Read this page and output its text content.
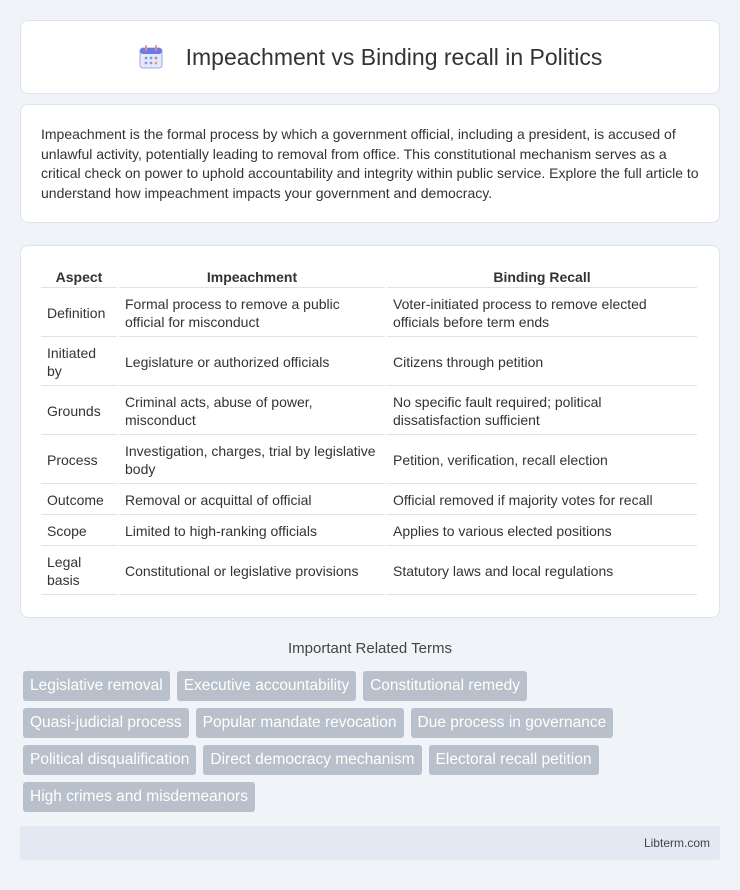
Impeachment vs Binding recall in Politics

Impeachment is the formal process by which a government official, including a president, is accused of unlawful activity, potentially leading to removal from office. This constitutional mechanism serves as a critical check on power to uphold accountability and integrity within public service. Explore the full article to understand how impeachment impacts your government and democracy.

Aspect	Impeachment	Binding Recall
Definition	Formal process to remove a public official for misconduct	Voter-initiated process to remove elected officials before term ends
Initiated by	Legislature or authorized officials	Citizens through petition
Grounds	Criminal acts, abuse of power, misconduct	No specific fault required; political dissatisfaction sufficient
Process	Investigation, charges, trial by legislative body	Petition, verification, recall election
Outcome	Removal or acquittal of official	Official removed if majority votes for recall
Scope	Limited to high-ranking officials	Applies to various elected positions
Legal basis	Constitutional or legislative provisions	Statutory laws and local regulations
Important Related Terms
Legislative removal	Executive accountability	Constitutional remedy
Quasi-judicial process	Popular mandate revocation	Due process in governance
Political disqualification	Direct democracy mechanism	Electoral recall petition
High crimes and misdemeanors
Libterm.com
